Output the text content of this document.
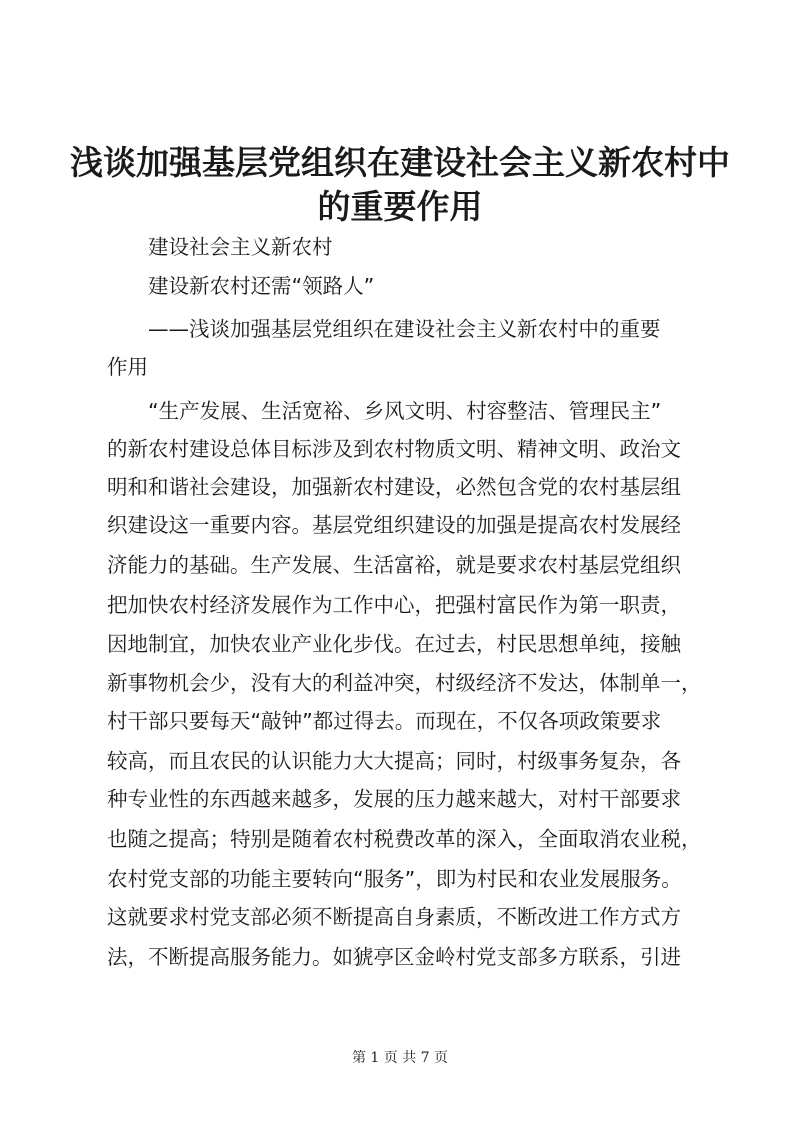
浅谈加强基层党组织在建设社会主义新农村中
的重要作用

建设社会主义新农村

建设新农村还需“领路人”

——浅谈加强基层党组织在建设社会主义新农村中的重要

作用

“生产发展、生活宽裕、乡风文明、村容整洁、管理民主”

的新农村建设总体目标涉及到农村物质文明、精神文明、政治文

明和和谐社会建设，加强新农村建设，必然包含党的农村基层组

织建设这一重要内容。基层党组织建设的加强是提高农村发展经

济能力的基础。生产发展、生活富裕，就是要求农村基层党组织

把加快农村经济发展作为工作中心，把强村富民作为第一职责，

因地制宜，加快农业产业化步伐。在过去，村民思想单纯，接触

新事物机会少，没有大的利益冲突，村级经济不发达，体制单一，

村干部只要每天“敲钟”都过得去。而现在，不仅各项政策要求

较高，而且农民的认识能力大大提高；同时，村级事务复杂，各

种专业性的东西越来越多，发展的压力越来越大，对村干部要求

也随之提高；特别是随着农村税费改革的深入，全面取消农业税，

农村党支部的功能主要转向“服务”，即为村民和农业发展服务。

这就要求村党支部必须不断提高自身素质，不断改进工作方式方

法，不断提高服务能力。如猇亭区金岭村党支部多方联系，引进

第 1 页 共 7 页
